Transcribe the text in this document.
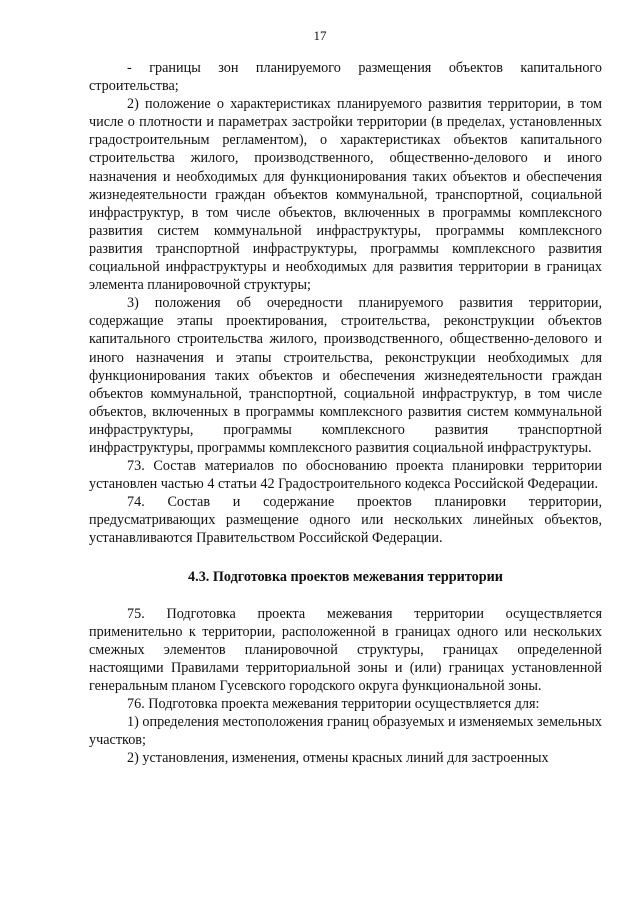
17

- границы зон планируемого размещения объектов капитального строительства;

2) положение о характеристиках планируемого развития территории, в том числе о плотности и параметрах застройки территории (в пределах, установленных градостроительным регламентом), о характеристиках объектов капитального строительства жилого, производственного, общественно-делового и иного назначения и необходимых для функционирования таких объектов и обеспечения жизнедеятельности граждан объектов коммунальной, транспортной, социальной инфраструктур, в том числе объектов, включенных в программы комплексного развития систем коммунальной инфраструктуры, программы комплексного развития транспортной инфраструктуры, программы комплексного развития социальной инфраструктуры и необходимых для развития территории в границах элемента планировочной структуры;

3) положения об очередности планируемого развития территории, содержащие этапы проектирования, строительства, реконструкции объектов капитального строительства жилого, производственного, общественно-делового и иного назначения и этапы строительства, реконструкции необходимых для функционирования таких объектов и обеспечения жизнедеятельности граждан объектов коммунальной, транспортной, социальной инфраструктур, в том числе объектов, включенных в программы комплексного развития систем коммунальной инфраструктуры, программы комплексного развития транспортной инфраструктуры, программы комплексного развития социальной инфраструктуры.

73. Состав материалов по обоснованию проекта планировки территории установлен частью 4 статьи 42 Градостроительного кодекса Российской Федерации.

74. Состав и содержание проектов планировки территории, предусматривающих размещение одного или нескольких линейных объектов, устанавливаются Правительством Российской Федерации.

4.3. Подготовка проектов межевания территории

75. Подготовка проекта межевания территории осуществляется применительно к территории, расположенной в границах одного или нескольких смежных элементов планировочной структуры, границах определенной настоящими Правилами территориальной зоны и (или) границах установленной генеральным планом Гусевского городского округа функциональной зоны.

76. Подготовка проекта межевания территории осуществляется для:

1) определения местоположения границ образуемых и изменяемых земельных участков;

2) установления, изменения, отмены красных линий для застроенных
